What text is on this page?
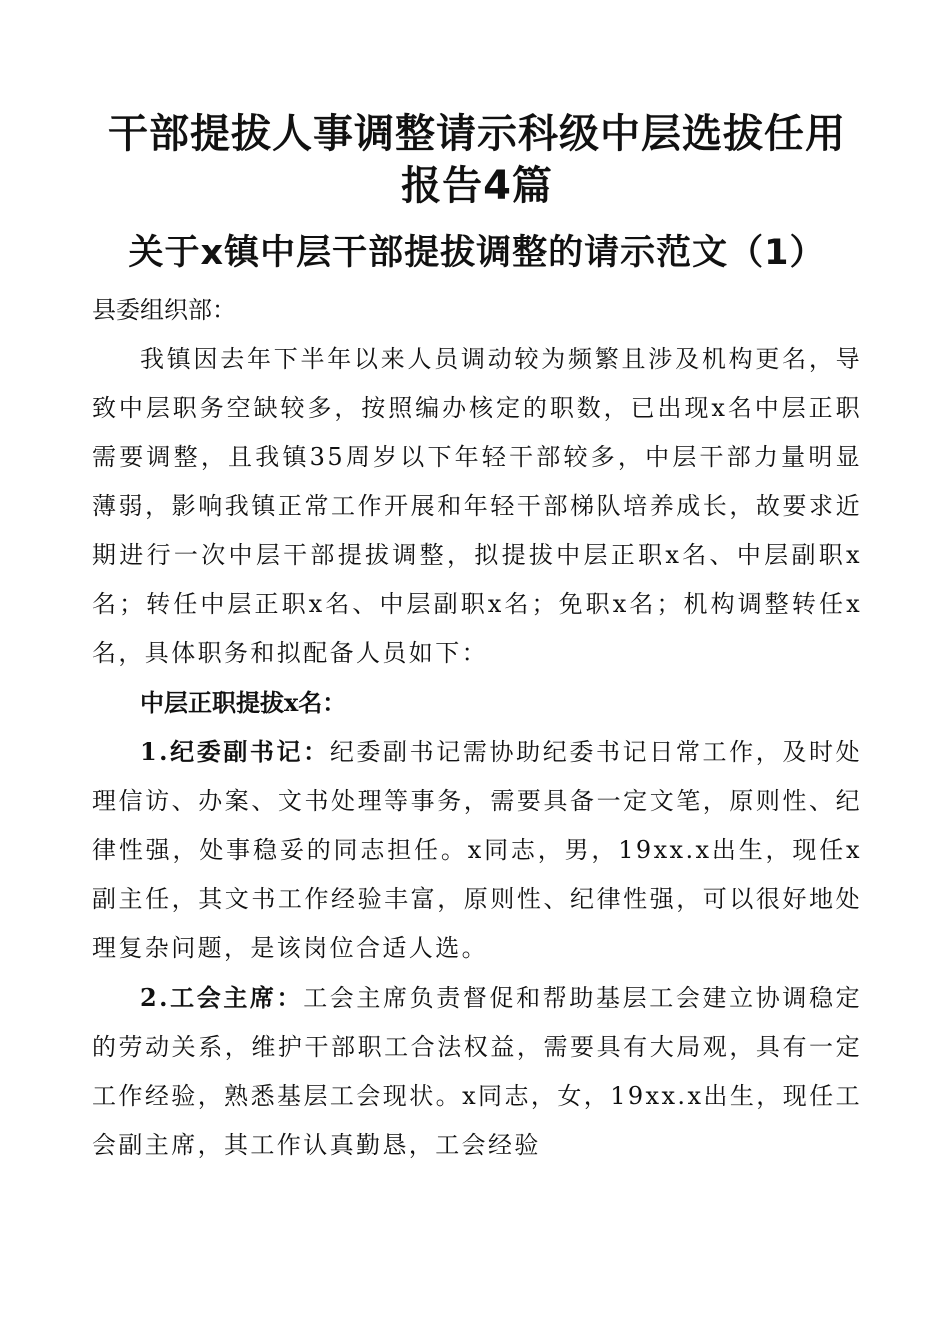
干部提拔人事调整请示科级中层选拔任用报告4篇
关于x镇中层干部提拔调整的请示范文（1）

县委组织部：

我镇因去年下半年以来人员调动较为频繁且涉及机构更名，导致中层职务空缺较多，按照编办核定的职数，已出现x名中层正职需要调整，且我镇35周岁以下年轻干部较多，中层干部力量明显薄弱，影响我镇正常工作开展和年轻干部梯队培养成长，故要求近期进行一次中层干部提拔调整，拟提拔中层正职x名、中层副职x名；转任中层正职x名、中层副职x名；免职x名；机构调整转任x名，具体职务和拟配备人员如下：

中层正职提拔x名：

1.纪委副书记：纪委副书记需协助纪委书记日常工作，及时处理信访、办案、文书处理等事务，需要具备一定文笔，原则性、纪律性强，处事稳妥的同志担任。x同志，男，19xx.x出生，现任x副主任，其文书工作经验丰富，原则性、纪律性强，可以很好地处理复杂问题，是该岗位合适人选。

2.工会主席：工会主席负责督促和帮助基层工会建立协调稳定的劳动关系，维护干部职工合法权益，需要具有大局观，具有一定工作经验，熟悉基层工会现状。x同志，女，19xx.x出生，现任工会副主席，其工作认真勤恳，工会经验
